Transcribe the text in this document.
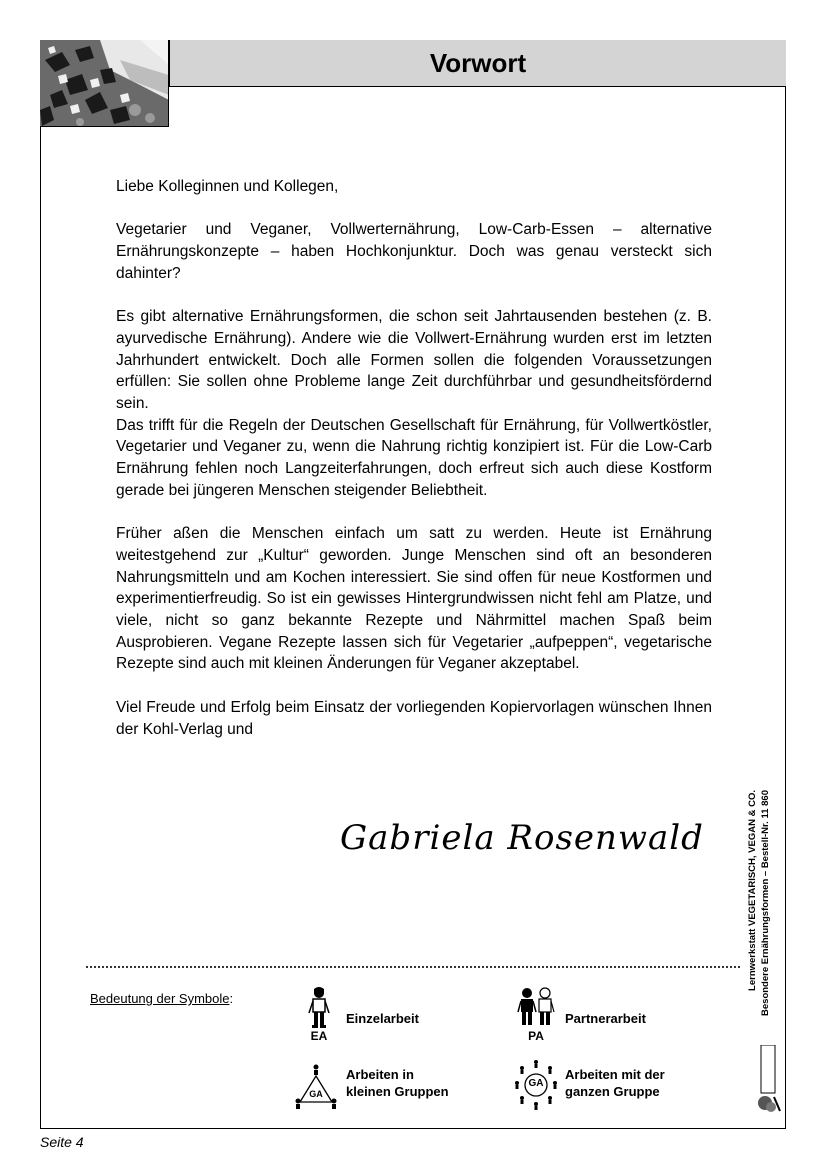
Vorwort

Liebe Kolleginnen und Kollegen,

Vegetarier und Veganer, Vollwerternährung, Low-Carb-Essen – alternative Ernährungskonzepte – haben Hochkonjunktur. Doch was genau versteckt sich dahinter?

Es gibt alternative Ernährungsformen, die schon seit Jahrtausenden bestehen (z. B. ayurvedische Ernährung). Andere wie die Vollwert-Ernährung wurden erst im letzten Jahrhundert entwickelt. Doch alle Formen sollen die folgenden Voraussetzungen erfüllen: Sie sollen ohne Probleme lange Zeit durchführbar und gesundheitsfördernd sein.

Das trifft für die Regeln der Deutschen Gesellschaft für Ernährung, für Vollwertköstler, Vegetarier und Veganer zu, wenn die Nahrung richtig konzipiert ist. Für die Low-Carb Ernährung fehlen noch Langzeiterfahrungen, doch erfreut sich auch diese Kostform gerade bei jüngeren Menschen steigender Beliebtheit.

Früher aßen die Menschen einfach um satt zu werden. Heute ist Ernährung weitestgehend zur „Kultur“ geworden. Junge Menschen sind oft an besonderen Nahrungsmitteln und am Kochen interessiert. Sie sind offen für neue Kostformen und experimentierfreudig. So ist ein gewisses Hintergrundwissen nicht fehl am Platze, und viele, nicht so ganz bekannte Rezepte und Nährmittel machen Spaß beim Ausprobieren. Vegane Rezepte lassen sich für Vegetarier „aufpeppen“, vegetarische Rezepte sind auch mit kleinen Änderungen für Veganer akzeptabel.

Viel Freude und Erfolg beim Einsatz der vorliegenden Kopiervorlagen wünschen Ihnen der Kohl-Verlag und

Gabriela Rosenwald
Bedeutung der Symbole:
EA
Einzelarbeit
PA
Partnerarbeit
GA
Arbeiten in
kleinen Gruppen
GA
Arbeiten mit der
ganzen Gruppe
Lernwerkstatt VEGETARISCH, VEGAN & CO. Besondere Ernährungsformen – Bestell-Nr. 11 860
Seite 4
